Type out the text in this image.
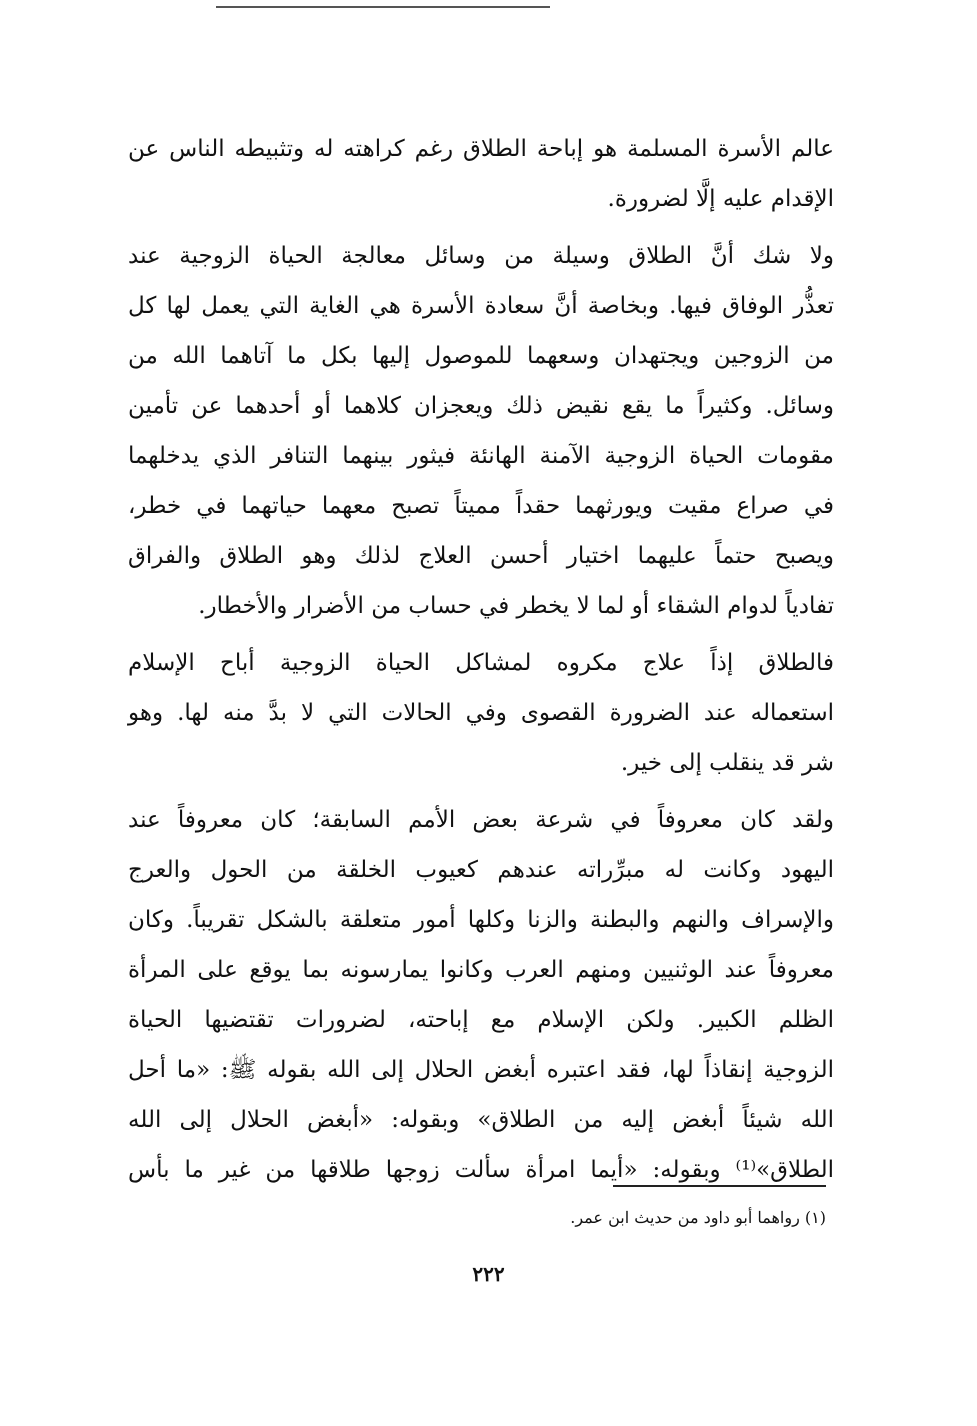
عالم الأسرة المسلمة هو إباحة الطلاق رغم كراهته له وتثبيطه الناس عن
الإقدام عليه إلَّا لضرورة.
ولا شك أنَّ الطلاق وسيلة من وسائل معالجة الحياة الزوجية عند
تعذُّر الوفاق فيها. وبخاصة أنَّ سعادة الأسرة هي الغاية التي يعمل لها كل
من الزوجين ويجتهدان وسعهما للموصول إليها بكل ما آتاهما الله من
وسائل. وكثيراً ما يقع نقيض ذلك ويعجزان كلاهما أو أحدهما عن تأمين
مقومات الحياة الزوجية الآمنة الهانئة فيثور بينهما التنافر الذي يدخلهما
في صراع مقيت ويورثهما حقداً مميتاً تصبح معهما حياتهما في خطر،
ويصبح حتماً عليهما اختيار أحسن العلاج لذلك وهو الطلاق والفراق
تفادياً لدوام الشقاء أو لما لا يخطر في حساب من الأضرار والأخطار.
فالطلاق إذاً علاج مكروه لمشاكل الحياة الزوجية أباح الإسلام
استعماله عند الضرورة القصوى وفي الحالات التي لا بدَّ منه لها. وهو
شر قد ينقلب إلى خير.
ولقد كان معروفاً في شرعة بعض الأمم السابقة؛ كان معروفاً عند
اليهود وكانت له مبرِّراته عندهم كعيوب الخلقة من الحول والعرج
والإسراف والنهم والبطنة والزنا وكلها أمور متعلقة بالشكل تقريباً. وكان
معروفاً عند الوثنيين ومنهم العرب وكانوا يمارسونه بما يوقع على المرأة
الظلم الكبير. ولكن الإسلام مع إباحته، لضرورات تقتضيها الحياة
الزوجية إنقاذاً لها، فقد اعتبره أبغض الحلال إلى الله بقوله ﷺ: «ما أحل
الله شيئاً أبغض إليه من الطلاق» وبقوله: «أبغض الحلال إلى الله
الطلاق»⁽¹⁾ وبقوله: «أيما امرأة سألت زوجها طلاقها من غير ما بأس
(١) رواهما أبو داود من حديث ابن عمر.
٢٢٢
